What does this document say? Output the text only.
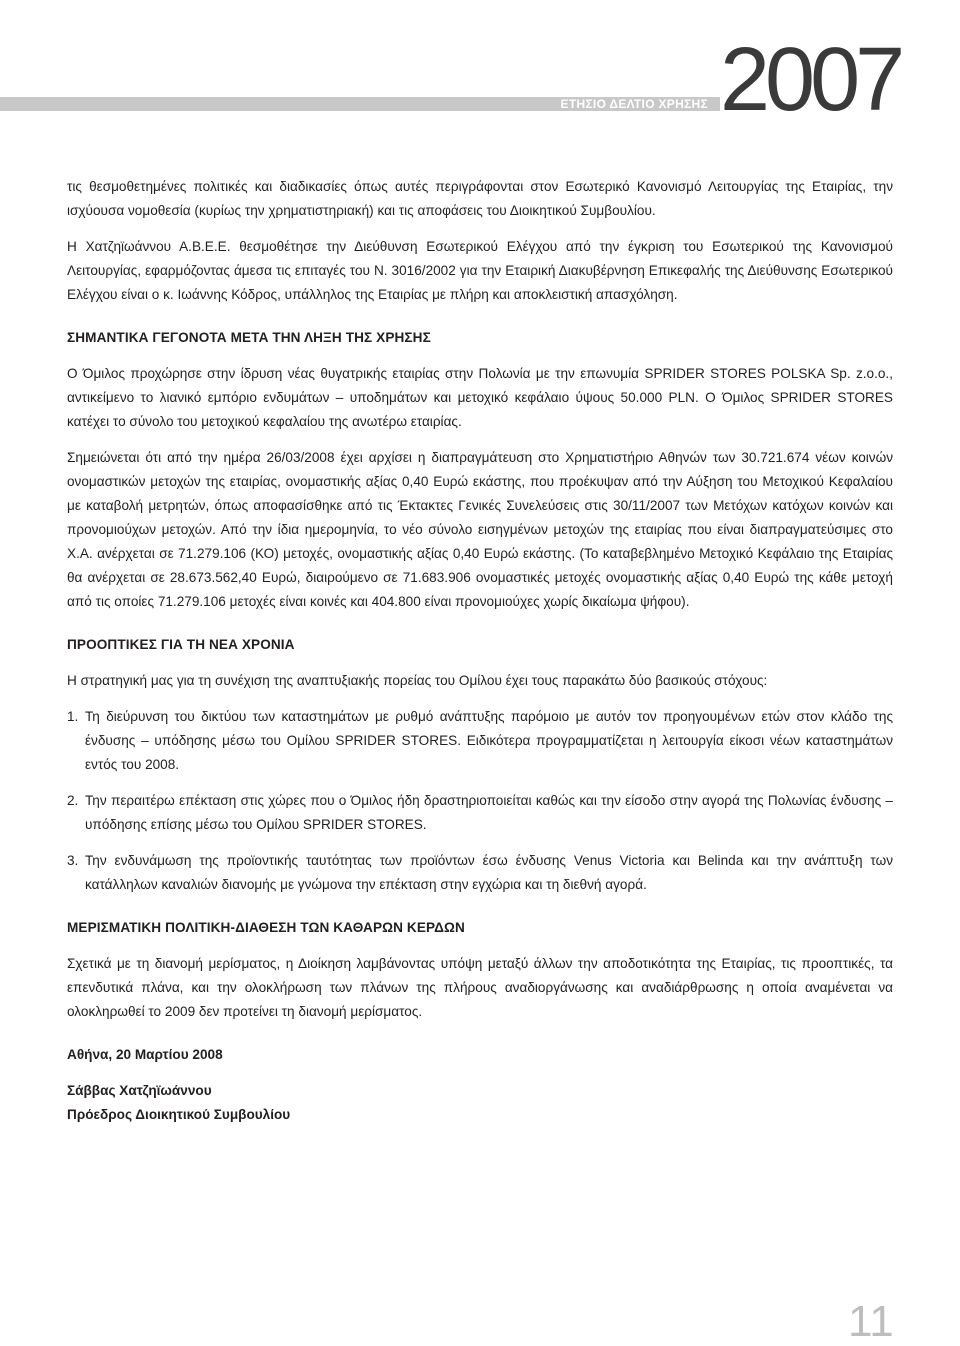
ΕΤΗΣΙΟ ΔΕΛΤΙΟ ΧΡΗΣΗΣ 2007

τις θεσμοθετημένες πολιτικές και διαδικασίες όπως αυτές περιγράφονται στον Εσωτερικό Κανονισμό Λειτουργίας της Εταιρίας, την ισχύουσα νομοθεσία (κυρίως την χρηματιστηριακή) και τις αποφάσεις του Διοικητικού Συμβουλίου.

Η Χατζηϊωάννου Α.Β.Ε.Ε. θεσμοθέτησε την Διεύθυνση Εσωτερικού Ελέγχου από την έγκριση του Εσωτερικού της Κανονισμού Λειτουργίας, εφαρμόζοντας άμεσα τις επιταγές του Ν. 3016/2002 για την Εταιρική Διακυβέρνηση Επικεφαλής της Διεύθυνσης Εσωτερικού Ελέγχου είναι ο κ. Ιωάννης Κόδρος, υπάλληλος της Εταιρίας με πλήρη και αποκλειστική απασχόληση.

ΣΗΜΑΝΤΙΚΑ ΓΕΓΟΝΟΤΑ ΜΕΤΑ ΤΗΝ ΛΗΞΗ ΤΗΣ ΧΡΗΣΗΣ

Ο Όμιλος προχώρησε στην ίδρυση νέας θυγατρικής εταιρίας στην Πολωνία με την επωνυμία SPRIDER STORES POLSKA Sp. z.o.o., αντικείμενο το λιανικό εμπόριο ενδυμάτων – υποδημάτων και μετοχικό κεφάλαιο ύψους 50.000 PLN. Ο Όμιλος SPRIDER STORES κατέχει το σύνολο του μετοχικού κεφαλαίου της ανωτέρω εταιρίας.

Σημειώνεται ότι από την ημέρα 26/03/2008 έχει αρχίσει η διαπραγμάτευση στο Χρηματιστήριο Αθηνών των 30.721.674 νέων κοινών ονομαστικών μετοχών της εταιρίας, ονομαστικής αξίας 0,40 Ευρώ εκάστης, που προέκυψαν από την Αύξηση του Μετοχικού Κεφαλαίου με καταβολή μετρητών, όπως αποφασίσθηκε από τις Έκτακτες Γενικές Συνελεύσεις στις 30/11/2007 των Μετόχων κατόχων κοινών και προνομιούχων μετοχών. Από την ίδια ημερομηνία, το νέο σύνολο εισηγμένων μετοχών της εταιρίας που είναι διαπραγματεύσιμες στο Χ.Α. ανέρχεται σε 71.279.106 (ΚΟ) μετοχές, ονομαστικής αξίας 0,40 Ευρώ εκάστης. (Το καταβεβλημένο Μετοχικό Κεφάλαιο της Εταιρίας θα ανέρχεται σε 28.673.562,40 Ευρώ, διαιρούμενο σε 71.683.906 ονομαστικές μετοχές ονομαστικής αξίας 0,40 Ευρώ της κάθε μετοχή από τις οποίες 71.279.106 μετοχές είναι κοινές και 404.800 είναι προνομιούχες χωρίς δικαίωμα ψήφου).

ΠΡΟΟΠΤΙΚΕΣ ΓΙΑ ΤΗ ΝΕΑ ΧΡΟΝΙΑ

Η στρατηγική μας για τη συνέχιση της αναπτυξιακής πορείας του Ομίλου έχει τους παρακάτω δύο βασικούς στόχους:

1. Τη διεύρυνση του δικτύου των καταστημάτων με ρυθμό ανάπτυξης παρόμοιο με αυτόν τον προηγουμένων ετών στον κλάδο της ένδυσης – υπόδησης μέσω του Ομίλου SPRIDER STORES. Ειδικότερα προγραμματίζεται η λειτουργία είκοσι νέων καταστημάτων εντός του 2008.
2. Την περαιτέρω επέκταση στις χώρες που ο Όμιλος ήδη δραστηριοποιείται καθώς και την είσοδο στην αγορά της Πολωνίας ένδυσης – υπόδησης επίσης μέσω του Ομίλου SPRIDER STORES.
3. Την ενδυνάμωση της προϊοντικής ταυτότητας των προϊόντων έσω ένδυσης Venus Victoria και Belinda και την ανάπτυξη των κατάλληλων καναλιών διανομής με γνώμονα την επέκταση στην εγχώρια και τη διεθνή αγορά.

ΜΕΡΙΣΜΑΤΙΚΗ ΠΟΛΙΤΙΚΗ-ΔΙΑΘΕΣΗ ΤΩΝ ΚΑΘΑΡΩΝ ΚΕΡΔΩΝ

Σχετικά με τη διανομή μερίσματος, η Διοίκηση λαμβάνοντας υπόψη μεταξύ άλλων την αποδοτικότητα της Εταιρίας, τις προοπτικές, τα επενδυτικά πλάνα, και την ολοκλήρωση των πλάνων της πλήρους αναδιοργάνωσης και αναδιάρθρωσης η οποία αναμένεται να ολοκληρωθεί το 2009 δεν προτείνει τη διανομή μερίσματος.

Αθήνα, 20 Μαρτίου 2008

Σάββας Χατζηϊωάννου

Πρόεδρος Διοικητικού Συμβουλίου

11
